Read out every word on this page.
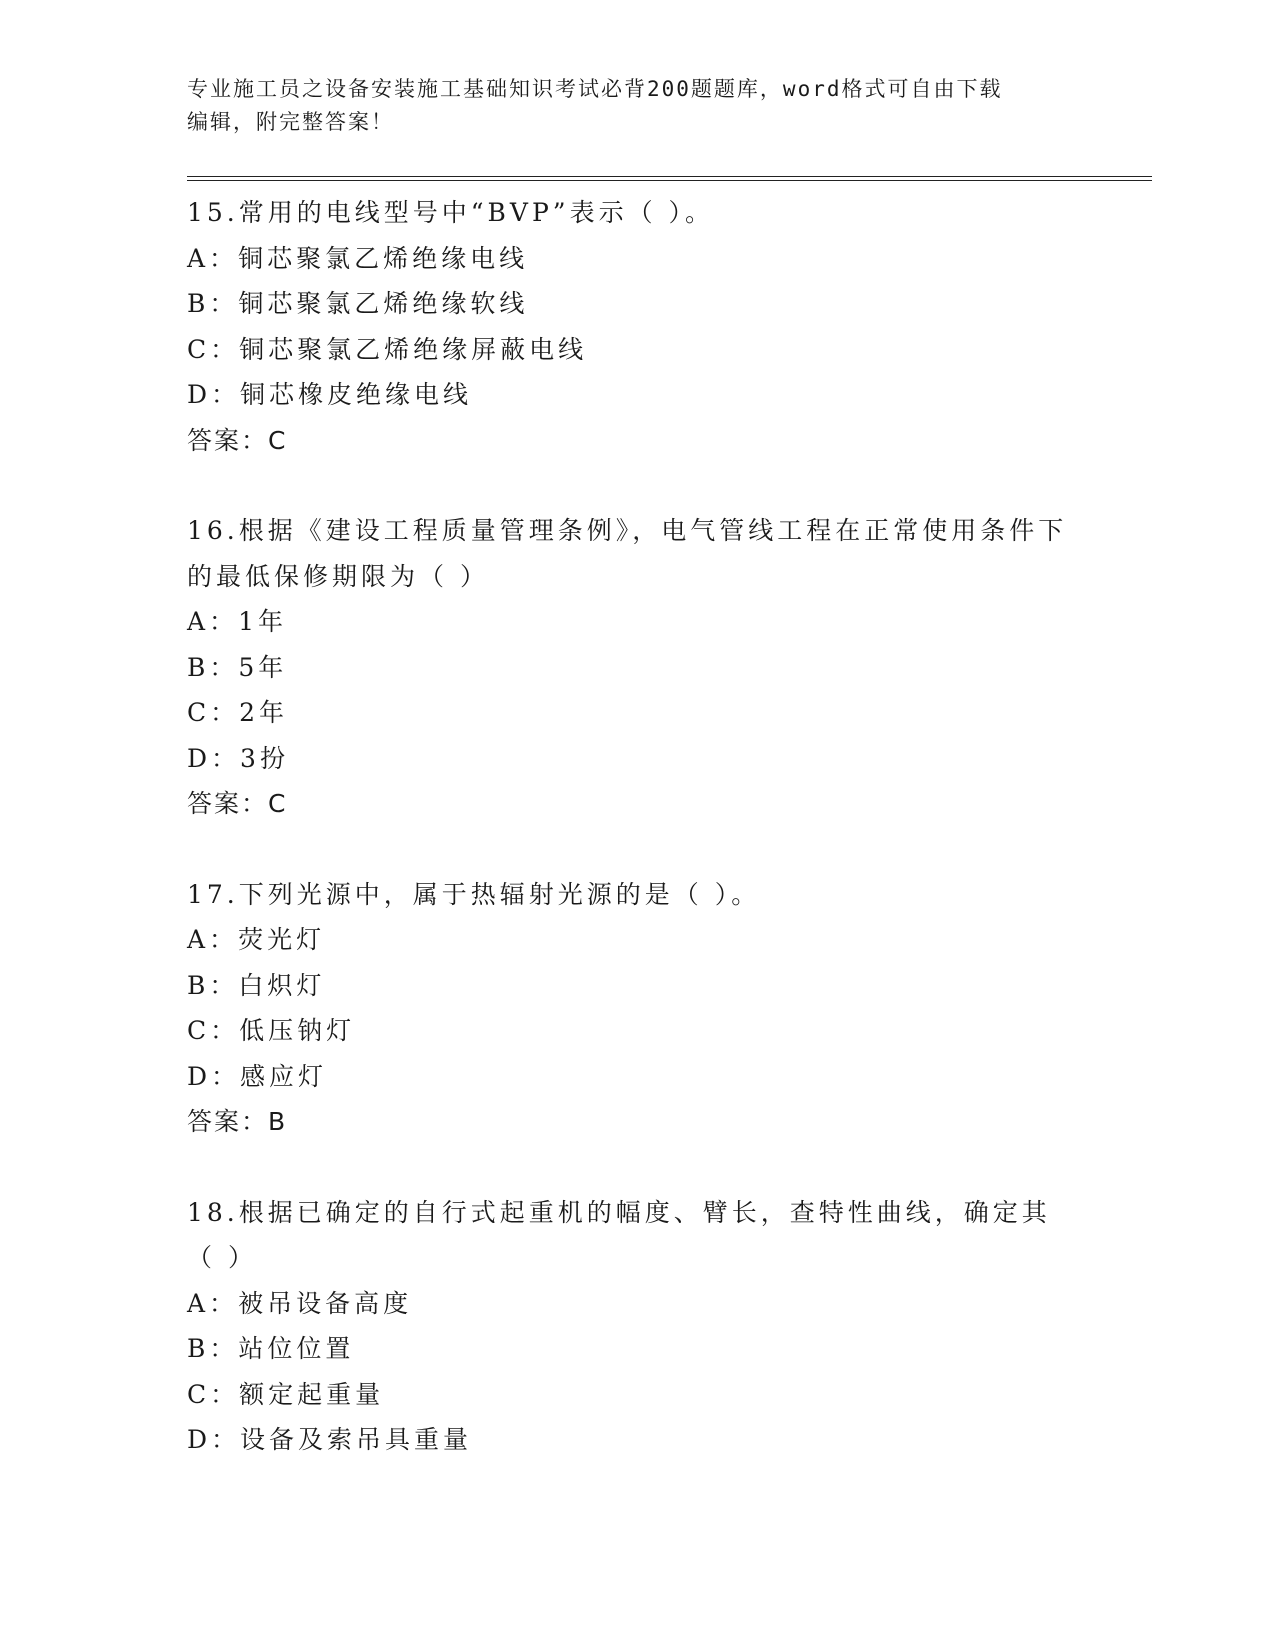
专业施工员之设备安装施工基础知识考试必背200题题库，word格式可自由下载
编辑，附完整答案！
15.常用的电线型号中“BVP”表示（ ）。
A：铜芯聚氯乙烯绝缘电线
B：铜芯聚氯乙烯绝缘软线
C：铜芯聚氯乙烯绝缘屏蔽电线
D：铜芯橡皮绝缘电线
答案：C
16.根据《建设工程质量管理条例》，电气管线工程在正常使用条件下的最低保修期限为（ ）
A：1年
B：5年
C：2年
D：3扮
答案：C
17.下列光源中，属于热辐射光源的是（ ）。
A：荧光灯
B：白炽灯
C：低压钠灯
D：感应灯
答案：B
18.根据已确定的自行式起重机的幅度、臂长，查特性曲线，确定其（ ）
A：被吊设备高度
B：站位位置
C：额定起重量
D：设备及索吊具重量
